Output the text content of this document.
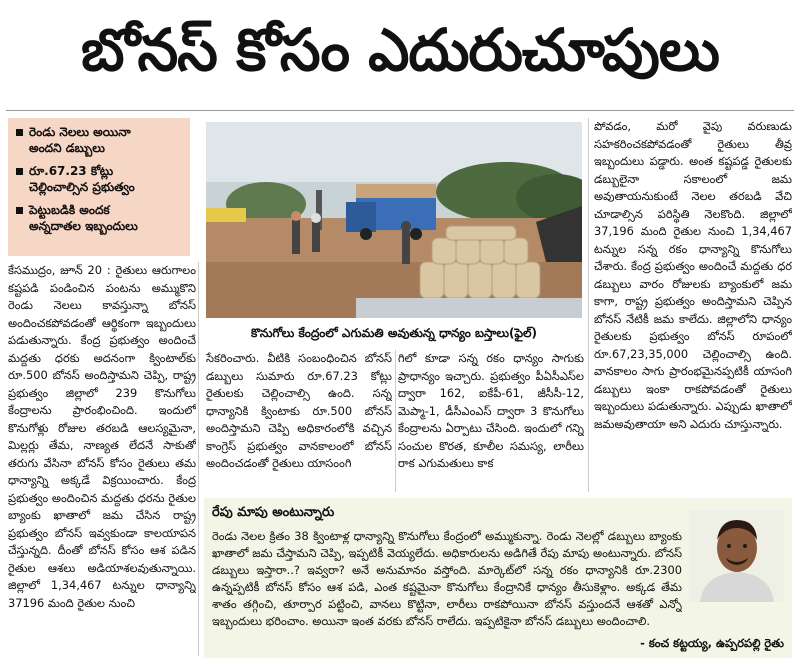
బోనస్ కోసం ఎదురుచూపులు
రెండు నెలలు అయినా
అందని డబ్బులు
రూ.67.23 కోట్లు
చెల్లించాల్సిన ప్రభుత్వం
పెట్టుబడికి అందక
అన్నదాతల ఇబ్బందులు
కొనుగోలు కేంద్రంలో ఎగుమతి అవుతున్న ధాన్యం బస్తాలు(ఫైల్)

కేసముద్రం, జూన్ 20 : రైతులు ఆరుగాలం కష్టపడి పండించిన పంటను అమ్ముకొని రెండు నెలలు కావస్తున్నా బోనస్ అందించకపోవడంతో ఆర్థికంగా ఇబ్బందులు పడుతున్నారు. కేంద్ర ప్రభుత్వం అందించే మద్దతు ధరకు అదనంగా క్వింటాల్‌కు రూ.500 బోనస్ అందిస్తామని చెప్పి, రాష్ట్ర ప్రభుత్వం జిల్లాలో 239 కొనుగోలు కేంద్రాలను ప్రారంభించింది. ఇందులో కొనుగోళ్లు రోజుల తరబడి ఆలస్యమైనా, మిల్లర్లు తేమ, నాణ్యత లేదనే సాకుతో తరుగు వేసినా బోనస్ కోసం రైతులు తమ ధాన్యాన్ని అక్కడే విక్రయించారు. కేంద్ర ప్రభుత్వం అందించిన మద్దతు ధరను రైతుల బ్యాంకు ఖాతాలో జమ చేసిన రాష్ట్ర ప్రభుత్వం బోనస్ ఇవ్వకుండా కాలయాపన చేస్తున్నది. దీంతో బోనస్ కోసం ఆశ పడిన రైతుల ఆశలు అడియాశలవుతున్నాయి. జిల్లాలో 1,34,467 టన్నుల ధాన్యాన్ని 37196 మంది రైతుల నుంచి

సేకరించారు. వీటికి సంబంధించిన బోనస్ డబ్బులు సుమారు రూ.67.23 కోట్లు రైతులకు చెల్లించాల్సి ఉంది. సన్న ధాన్యానికి క్వింటాకు రూ.500 బోనస్ అందిస్తామని చెప్పి అధికారంలోకి వచ్చిన కాంగ్రెస్ ప్రభుత్వం వానకాలంలో బోనస్ అందించడంతో రైతులు యాసంంగి

గిలో కూడా సన్న రకం ధాన్యం సాగుకు ప్రాధాన్యం ఇచ్చారు. ప్రభుత్వం పీఏసీఎస్‌ల ద్వారా 162, ఐకేపీ-61, జీసీసీ-12, మెప్మా-1, డీసీఎంఎస్ ద్వారా 3 కొనుగోలు కేంద్రాలను ఏర్పాటు చేసింది. ఇందులో గన్ని సంచుల కొరత, కూలీల సమస్య, లారీలు రాక ఎగుమతులు కాక

పోవడం, మరో వైపు వరుణుడు సహకరించకపోవడంతో రైతులు తీవ్ర ఇబ్బందులు పడ్డారు. అంత కష్టపడ్డ రైతులకు డబ్బులైనా సకాలంలో జమ అవుతాయనుకుంటే నెలల తరబడి వేచి చూడాల్సిన పరిస్థితి నెలకొంది. జిల్లాలో 37,196 మంది రైతుల నుంచి 1,34,467 టన్నుల సన్న రకం ధాన్యాన్ని కొనుగోలు చేశారు. కేంద్ర ప్రభుత్వం అందించే మద్దతు ధర డబ్బులు వారం రోజులకు బ్యాంకులో జమ కాగా, రాష్ట్ర ప్రభుత్వం అందిస్తామని చెప్పిన బోనస్ నేటికీ జమ కాలేదు. జిల్లాలోని ధాన్యం రైతులకు ప్రభుత్వం బోనస్ రూపంలో రూ.67,23,35,000 చెల్లించాల్సి ఉంది. వానకాలం సాగు ప్రారంభమైనప్పటికీ యాసంగి డబ్బులు ఇంకా రాకపోవడంతో రైతులు ఇబ్బందులు పడుతున్నారు. ఎప్పుడు ఖాతాలో జమఅవుతాయా అని ఎదురు చూస్తున్నారు.

రేపు మాపు అంటున్నారు
రెండు నెలల క్రితం 38 క్వింటాళ్ల ధాన్యాన్ని కొనుగోలు కేంద్రంలో అమ్ముకున్నా. రెండు నెలల్లో డబ్బులు బ్యాంకు ఖాతాలో జమ చేస్తామని చెప్పి, ఇప్పటికీ వెయ్యలేదు. అధికారులను అడిగితే రేపు మాపు అంటున్నారు. బోనస్ డబ్బులు ఇస్తారా..? ఇవ్వరా? అనే అనుమానం వస్తోంది. మార్కెట్‌లో సన్న రకం ధాన్యానికి రూ.2300 ఉన్నప్పటికీ బోనస్ కోసం ఆశ పడి, ఎంత కష్టమైనా కొనుగోలు కేంద్రానికే ధాన్యం తీసుకెళ్లాం. అక్కడ తేమ శాతం తగ్గించి, తూర్పార పట్టించి, వానలు కొట్టినా, లారీలు రాకపోయినా బోనస్ వస్తుందనే ఆశతో ఎన్నో ఇబ్బందులు భరించాం. అయినా ఇంత వరకు బోనస్ రాలేదు. ఇప్పటికైనా బోనస్ డబ్బులు అందించాలి.
- కంచ కట్టయ్య, ఉప్పరపల్లి రైతు
